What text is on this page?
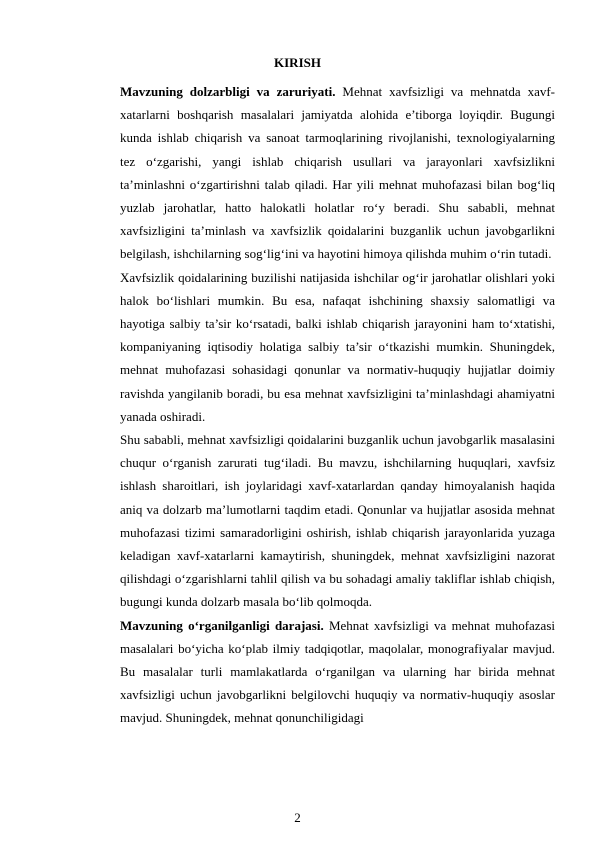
KIRISH

Mavzuning dolzarbligi va zaruriyati. Mehnat xavfsizligi va mehnatda xavf-xatarlarni boshqarish masalalari jamiyatda alohida e’tiborga loyiqdir. Bugungi kunda ishlab chiqarish va sanoat tarmoqlarining rivojlanishi, texnologiyalarning tez o‘zgarishi, yangi ishlab chiqarish usullari va jarayonlari xavfsizlikni ta’minlashni o‘zgartirishni talab qiladi. Har yili mehnat muhofazasi bilan bog‘liq yuzlab jarohatlar, hatto halokatli holatlar ro‘y beradi. Shu sababli, mehnat xavfsizligini ta’minlash va xavfsizlik qoidalarini buzganlik uchun javobgarlikni belgilash, ishchilarning sog‘lig‘ini va hayotini himoya qilishda muhim o‘rin tutadi.

Xavfsizlik qoidalarining buzilishi natijasida ishchilar og‘ir jarohatlar olishlari yoki halok bo‘lishlari mumkin. Bu esa, nafaqat ishchining shaxsiy salomatligi va hayotiga salbiy ta’sir ko‘rsatadi, balki ishlab chiqarish jarayonini ham to‘xtatishi, kompaniyaning iqtisodiy holatiga salbiy ta’sir o‘tkazishi mumkin. Shuningdek, mehnat muhofazasi sohasidagi qonunlar va normativ-huquqiy hujjatlar doimiy ravishda yangilanib boradi, bu esa mehnat xavfsizligini ta’minlashdagi ahamiyatni yanada oshiradi.

Shu sababli, mehnat xavfsizligi qoidalarini buzganlik uchun javobgarlik masalasini chuqur o‘rganish zarurati tug‘iladi. Bu mavzu, ishchilarning huquqlari, xavfsiz ishlash sharoitlari, ish joylaridagi xavf-xatarlardan qanday himoyalanish haqida aniq va dolzarb ma’lumotlarni taqdim etadi. Qonunlar va hujjatlar asosida mehnat muhofazasi tizimi samaradorligini oshirish, ishlab chiqarish jarayonlarida yuzaga keladigan xavf-xatarlarni kamaytirish, shuningdek, mehnat xavfsizligini nazorat qilishdagi o‘zgarishlarni tahlil qilish va bu sohadagi amaliy takliflar ishlab chiqish, bugungi kunda dolzarb masala bo‘lib qolmoqda.

Mavzuning o‘rganilganligi darajasi. Mehnat xavfsizligi va mehnat muhofazasi masalalari bo‘yicha ko‘plab ilmiy tadqiqotlar, maqolalar, monografiyalar mavjud. Bu masalalar turli mamlakatlarda o‘rganilgan va ularning har birida mehnat xavfsizligi uchun javobgarlikni belgilovchi huquqiy va normativ-huquqiy asoslar mavjud. Shuningdek, mehnat qonunchiligidagi

2
